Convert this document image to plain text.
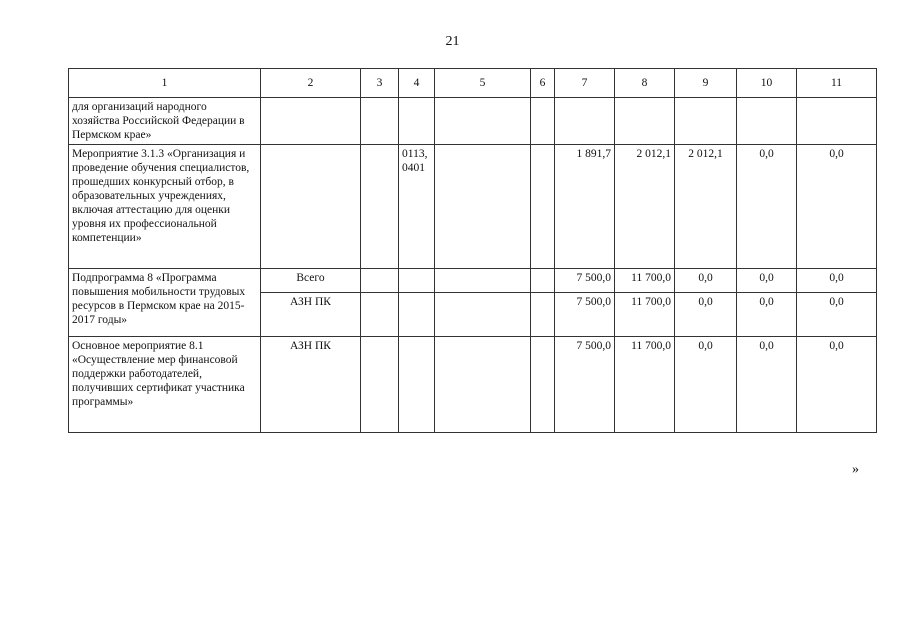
21
1	2	3	4	5	6	7	8	9	10	11
для организаций народного хозяйства Российской Федерации в Пермском крае»										
Мероприятие 3.1.3 «Организация и проведение обучения специалистов, прошедших конкурсный отбор, в образовательных учреждениях, включая аттестацию для оценки уровня их профессиональной компетенции»			0113, 0401			1 891,7	2 012,1	2 012,1	0,0	0,0
Подпрограмма 8 «Программа повышения мобильности трудовых ресурсов в Пермском крае на 2015-2017 годы»	Всего					7 500,0	11 700,0	0,0	0,0	0,0
	АЗН ПК					7 500,0	11 700,0	0,0	0,0	0,0
Основное мероприятие 8.1 «Осуществление мер финансовой поддержки работодателей, получивших сертификат участника программы»	АЗН ПК					7 500,0	11 700,0	0,0	0,0	0,0
»
